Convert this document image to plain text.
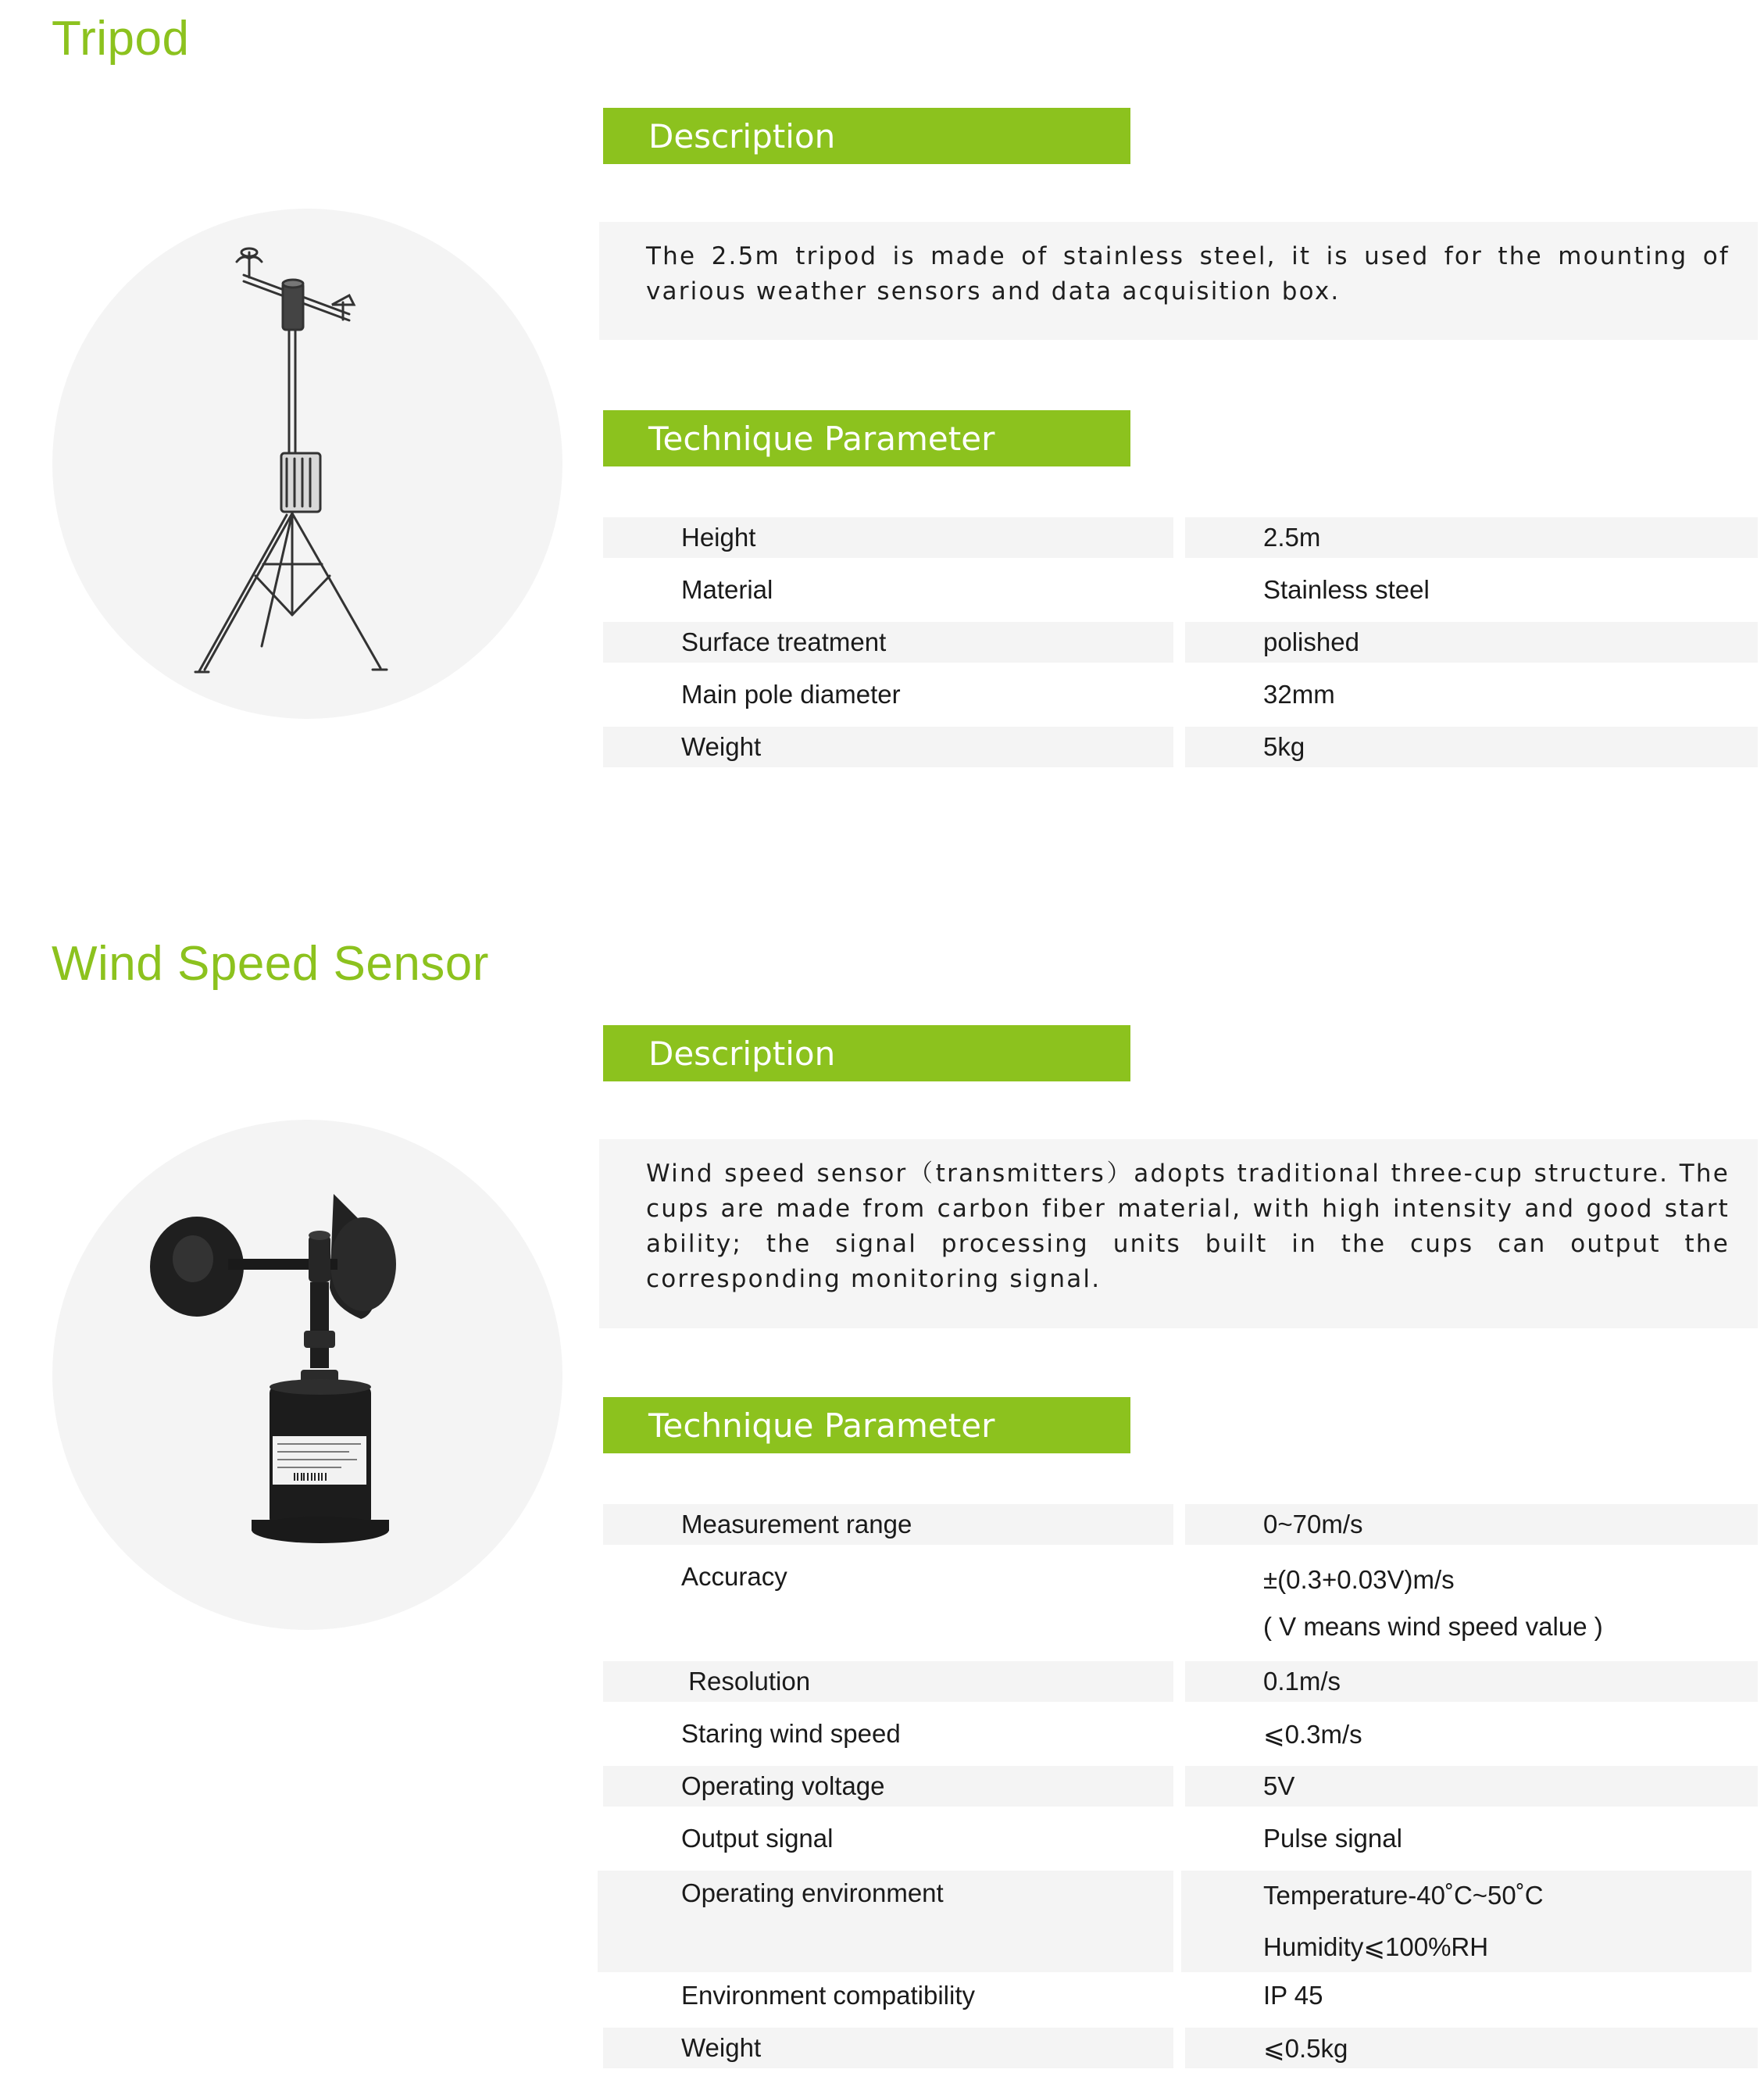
Tripod
Description
The 2.5m tripod is made of stainless steel, it is used for the mounting of various weather sensors and data acquisition box.
Technique Parameter
Height	2.5m
Material	Stainless steel
Surface treatment	polished
Main pole diameter	32mm
Weight	5kg
Wind Speed Sensor
Description
Wind speed sensor（transmitters）adopts traditional three-cup structure. The cups are made from carbon fiber material, with high intensity and good start ability; the signal processing units built in the cups can output the corresponding monitoring signal.
Technique Parameter
Measurement range	0~70m/s
Accuracy	±(0.3+0.03V)m/s
( V means wind speed value )
Resolution	0.1m/s
Staring wind speed	⩽0.3m/s
Operating voltage	5V
Output signal	Pulse signal
Operating environment	Temperature-40˚C~50˚C
Humidity⩽100%RH
Environment compatibility	IP 45
Weight	⩽0.5kg
